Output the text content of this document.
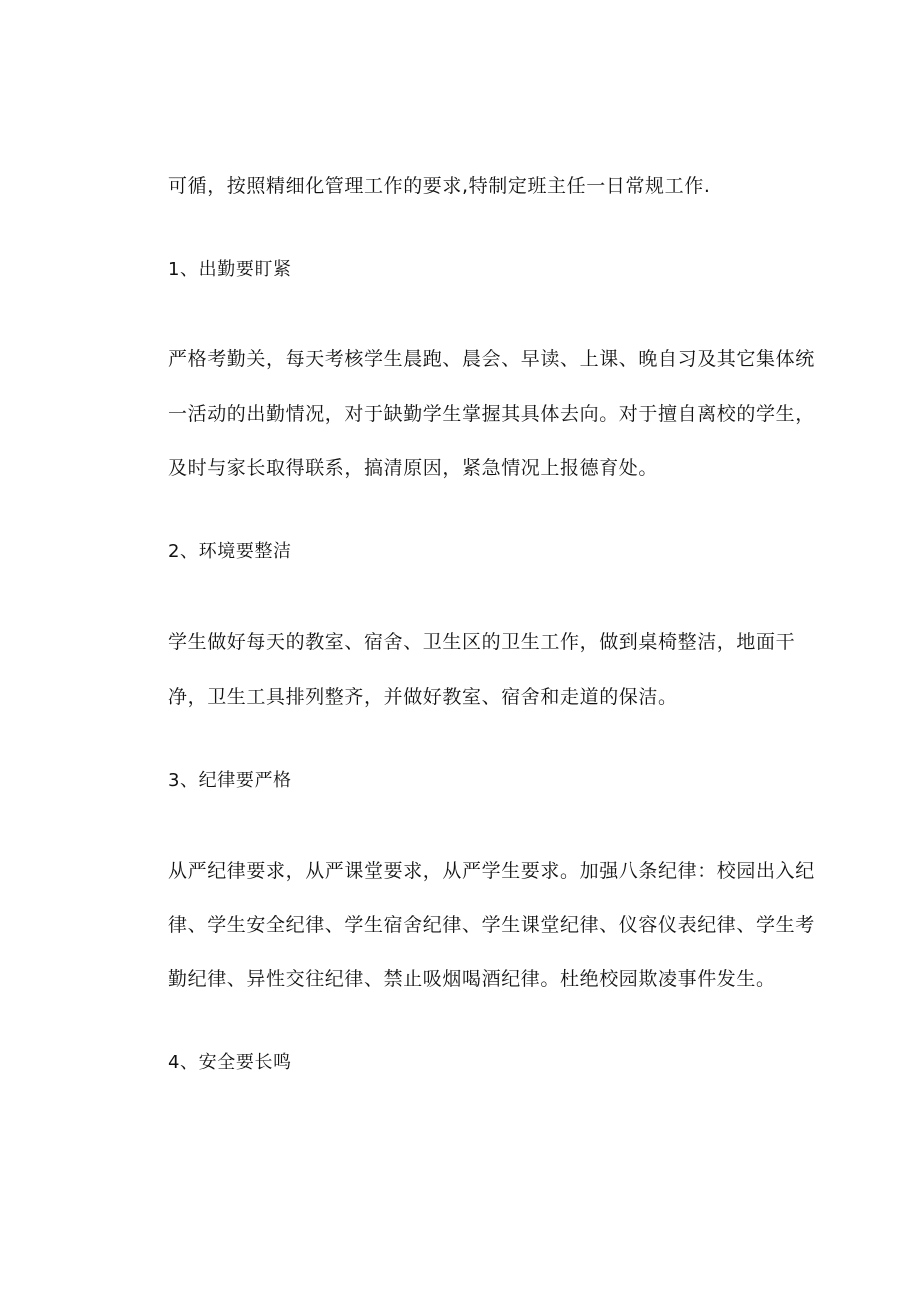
可循，按照精细化管理工作的要求,特制定班主任一日常规工作.

1、出勤要盯紧

严格考勤关，每天考核学生晨跑、晨会、早读、上课、晚自习及其它集体统

一活动的出勤情况，对于缺勤学生掌握其具体去向。对于擅自离校的学生，

及时与家长取得联系，搞清原因，紧急情况上报德育处。

2、环境要整洁

学生做好每天的教室、宿舍、卫生区的卫生工作，做到桌椅整洁，地面干

净，卫生工具排列整齐，并做好教室、宿舍和走道的保洁。

3、纪律要严格

从严纪律要求，从严课堂要求，从严学生要求。加强八条纪律：校园出入纪

律、学生安全纪律、学生宿舍纪律、学生课堂纪律、仪容仪表纪律、学生考

勤纪律、异性交往纪律、禁止吸烟喝酒纪律。杜绝校园欺凌事件发生。

4、安全要长鸣
